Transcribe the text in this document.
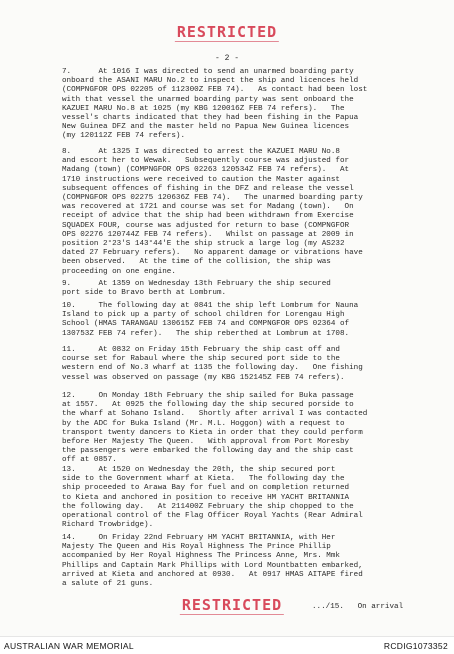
RESTRICTED
- 2 -
7.      At 1016 I was directed to send an unarmed boarding party
onboard the ASANI MARU No.2 to inspect the ship and licences held
(COMPNGFOR OPS 02205 of 112300Z FEB 74).   As contact had been lost
with that vessel the unarmed boarding party was sent onboard the
KAZUEI MARU No.8 at 1025 (my KBG 120016Z FEB 74 refers).   The
vessel's charts indicated that they had been fishing in the Papua
New Guinea DFZ and the master held no Papua New Guinea licences
(my 120112Z FEB 74 refers).
8.      At 1325 I was directed to arrest the KAZUEI MARU No.8
and escort her to Wewak.   Subsequently course was adjusted for
Madang (town) (COMPNGFOR OPS 02263 120534Z FEB 74 refers).   At
1710 instructions were received to caution the Master against
subsequent offences of fishing in the DFZ and release the vessel
(COMPNGFOR OPS 02275 120636Z FEB 74).   The unarmed boarding party
was recovered at 1721 and course was set for Madang (town).   On
receipt of advice that the ship had been withdrawn from Exercise
SQUADEX FOUR, course was adjusted for return to base (COMPNGFOR
OPS 02276 120744Z FEB 74 refers).   Whilst on passage at 2009 in
position 2°23'S 143°44'E the ship struck a large log (my AS232
dated 27 February refers).   No apparent damage or vibrations have
been observed.   At the time of the collision, the ship was
proceeding on one engine.
9.      At 1359 on Wednesday 13th February the ship secured
port side to Bravo berth at Lombrum.
10.     The following day at 0841 the ship left Lombrum for Nauna
Island to pick up a party of school children for Lorengau High
School (HMAS TARANGAU 130615Z FEB 74 and COMPNGFOR OPS 02364 of
130753Z FEB 74 refer).   The ship reberthed at Lombrum at 1708.
11.     At 0832 on Friday 15th February the ship cast off and
course set for Rabaul where the ship secured port side to the
western end of No.3 wharf at 1135 the following day.   One fishing
vessel was observed on passage (my KBG 152145Z FEB 74 refers).
12.     On Monday 18th February the ship sailed for Buka passage
at 1557.   At 0925 the following day the ship secured porside to
the wharf at Sohano Island.   Shortly after arrival I was contacted
by the ADC for Buka Island (Mr. M.L. Hoggon) with a request to
transport twenty dancers to Kieta in order that they could perform
before Her Majesty The Queen.   With approval from Port Moresby
the passengers were embarked the following day and the ship cast
off at 0857.
13.     At 1520 on Wednesday the 20th, the ship secured port
side to the Government wharf at Kieta.   The following day the
ship proceeded to Arawa Bay for fuel and on completion returned
to Kieta and anchored in position to receive HM YACHT BRITANNIA
the following day.   At 211400Z February the ship chopped to the
operational control of the Flag Officer Royal Yachts (Rear Admiral
Richard Trowbridge).
14.     On Friday 22nd February HM YACHT BRITANNIA, with Her
Majesty The Queen and His Royal Highness The Prince Phillip
accompanied by Her Royal Highness The Princess Anne, Mrs. Mmk
Phillips and Captain Mark Phillips with Lord Mountbatten embarked,
arrived at Kieta and anchored at 0930.   At 0917 HMAS AITAPE fired
a salute of 21 guns.
RESTRICTED	.../15.   On arrival
AUSTRALIAN WAR MEMORIAL	RCDIG1073352
